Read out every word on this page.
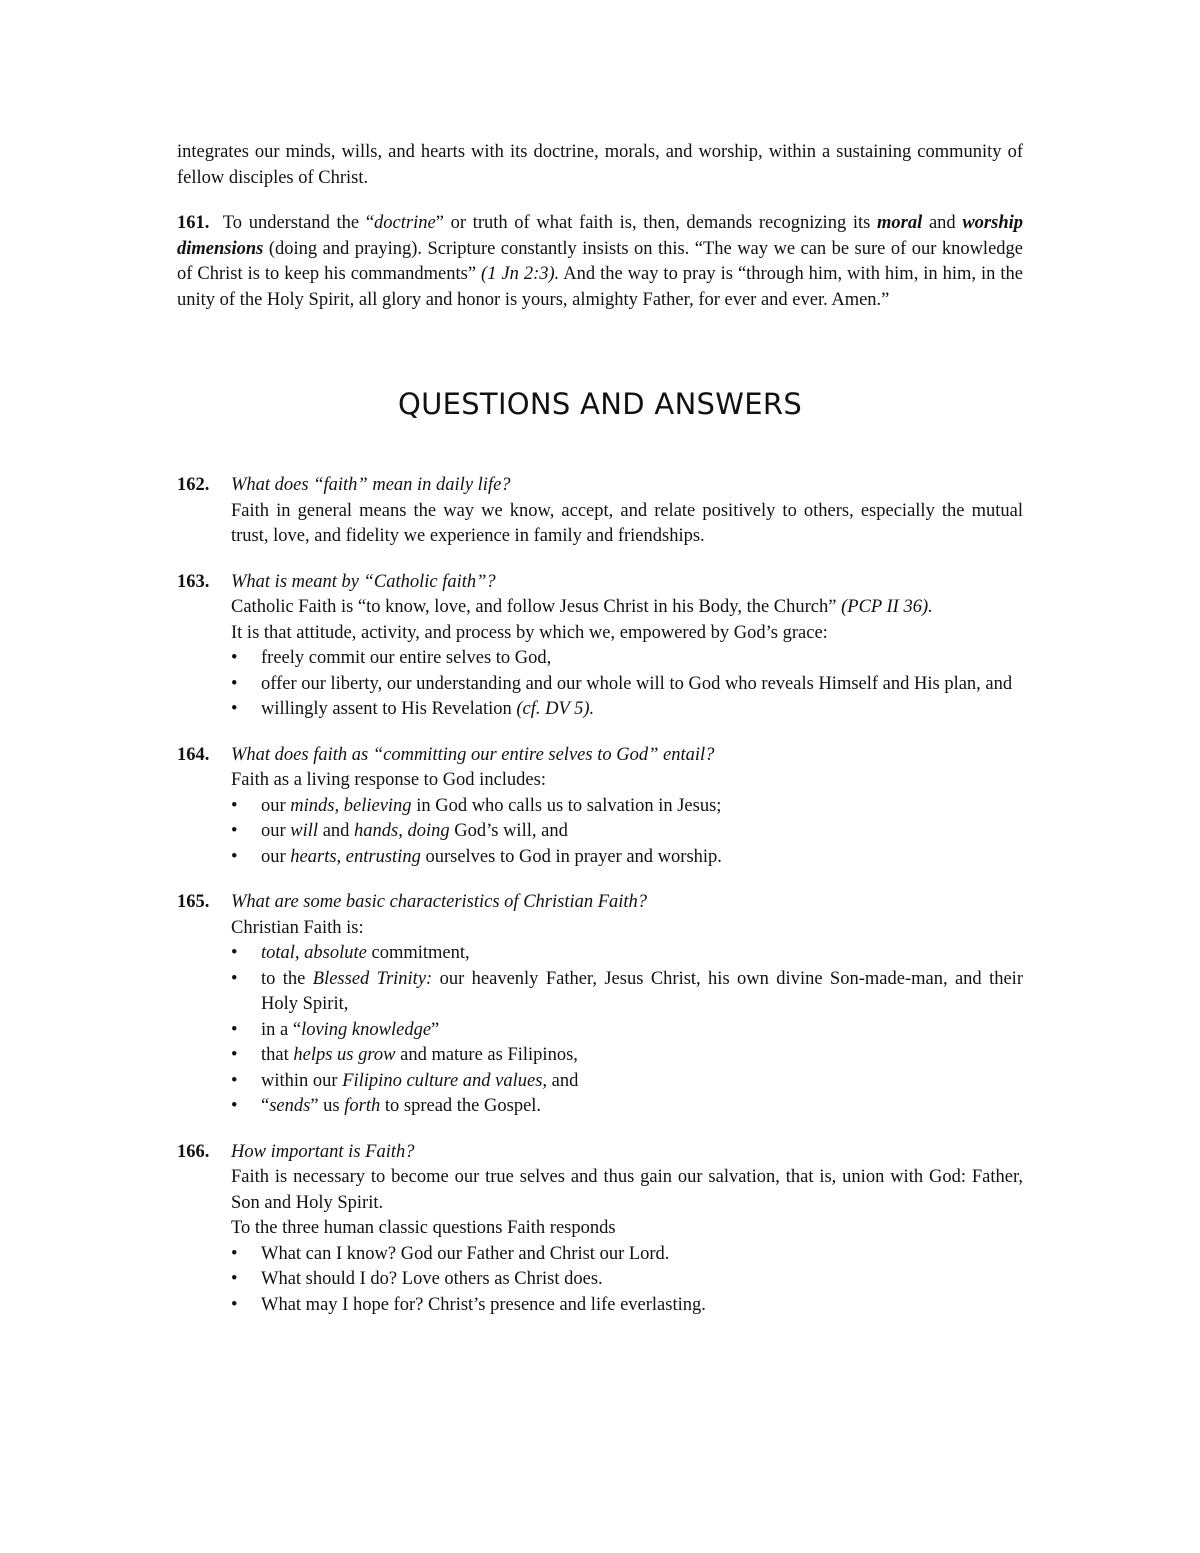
integrates our minds, wills, and hearts with its doctrine, morals, and worship, within a sustaining community of fellow disciples of Christ.

161. To understand the “doctrine” or truth of what faith is, then, demands recognizing its moral and worship dimensions (doing and praying). Scripture constantly insists on this. “The way we can be sure of our knowledge of Christ is to keep his commandments” (1 Jn 2:3). And the way to pray is “through him, with him, in him, in the unity of the Holy Spirit, all glory and honor is yours, almighty Father, for ever and ever. Amen.”

QUESTIONS AND ANSWERS
162. What does “faith” mean in daily life?

Faith in general means the way we know, accept, and relate positively to others, especially the mutual trust, love, and fidelity we experience in family and friendships.

163. What is meant by “Catholic faith”?

Catholic Faith is “to know, love, and follow Jesus Christ in his Body, the Church” (PCP II 36).

It is that attitude, activity, and process by which we, empowered by God’s grace:

• freely commit our entire selves to God,
• offer our liberty, our understanding and our whole will to God who reveals Himself and His plan, and
• willingly assent to His Revelation (cf. DV 5).
164. What does faith as “committing our entire selves to God” entail?

Faith as a living response to God includes:

• our minds, believing in God who calls us to salvation in Jesus;
• our will and hands, doing God’s will, and
• our hearts, entrusting ourselves to God in prayer and worship.
165. What are some basic characteristics of Christian Faith?

Christian Faith is:

• total, absolute commitment,
• to the Blessed Trinity: our heavenly Father, Jesus Christ, his own divine Son-made-man, and their Holy Spirit,
• in a “loving knowledge”
• that helps us grow and mature as Filipinos,
• within our Filipino culture and values, and
• “sends” us forth to spread the Gospel.
166. How important is Faith?

Faith is necessary to become our true selves and thus gain our salvation, that is, union with God: Father, Son and Holy Spirit.

To the three human classic questions Faith responds

• What can I know? God our Father and Christ our Lord.
• What should I do? Love others as Christ does.
• What may I hope for? Christ’s presence and life everlasting.
